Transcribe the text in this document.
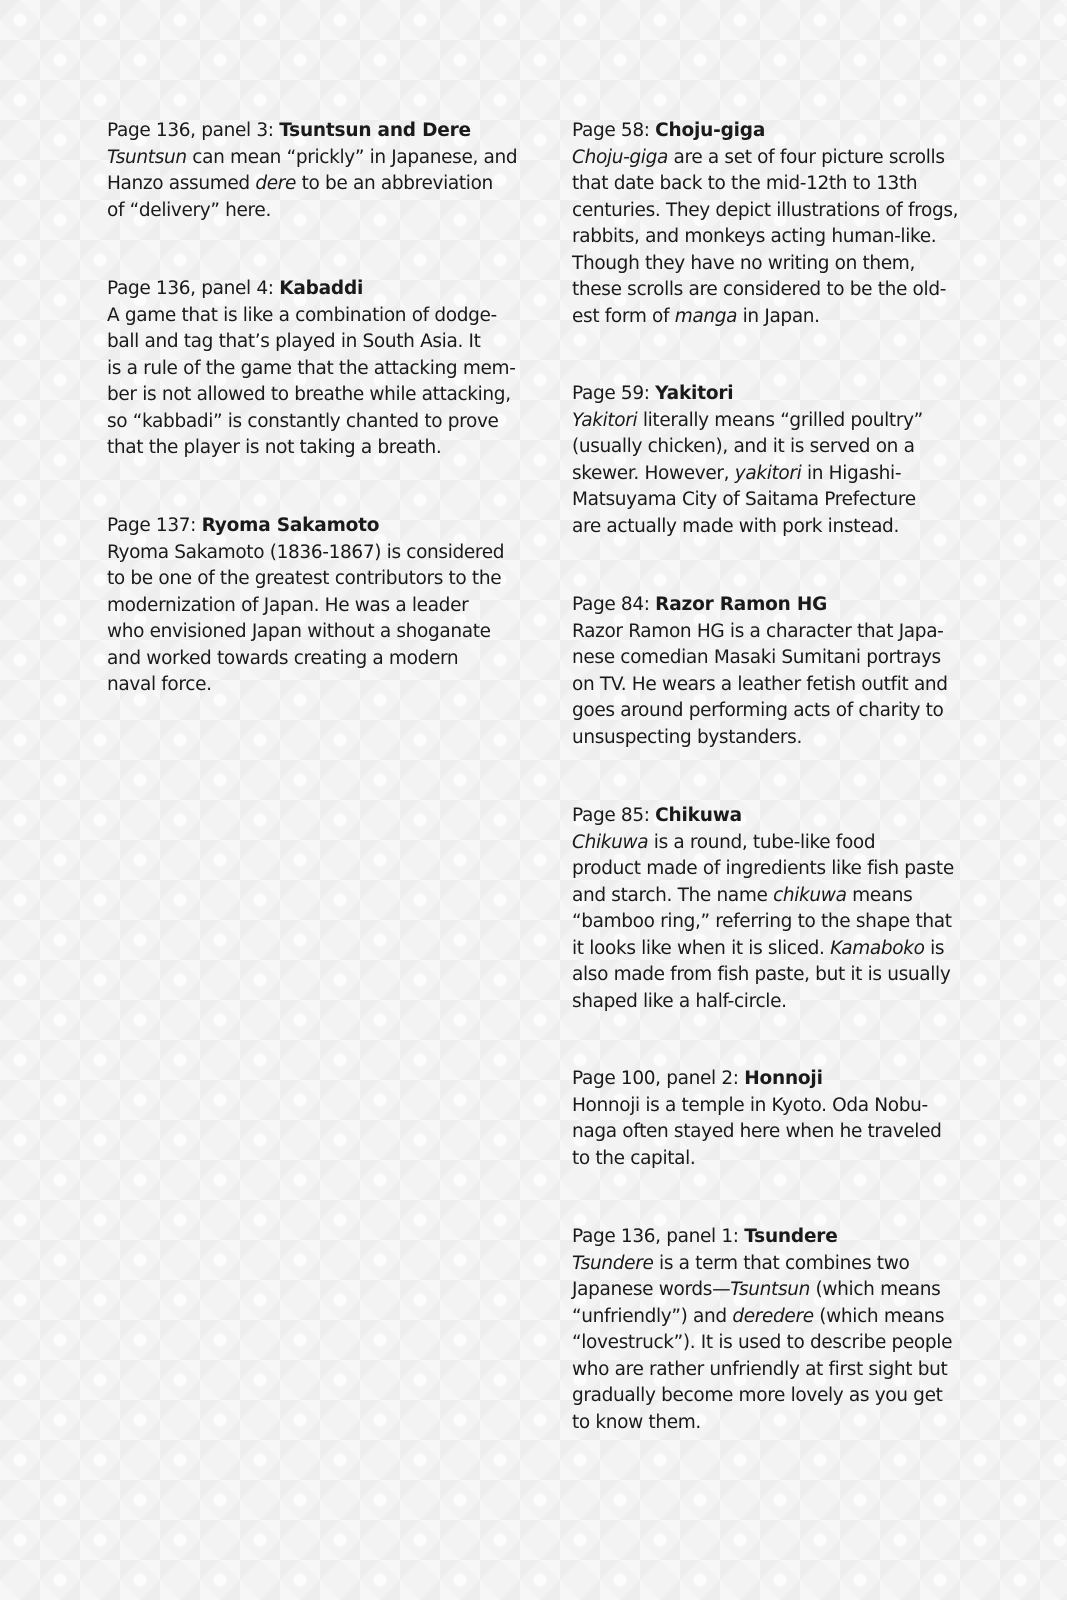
Page 136, panel 3: Tsuntsun and Dere
Tsuntsun can mean “prickly” in Japanese, and
Hanzo assumed dere to be an abbreviation
of “delivery” here.
Page 136, panel 4: Kabaddi
A game that is like a combination of dodge-
ball and tag that’s played in South Asia. It
is a rule of the game that the attacking mem-
ber is not allowed to breathe while attacking,
so “kabbadi” is constantly chanted to prove
that the player is not taking a breath.
Page 137: Ryoma Sakamoto
Ryoma Sakamoto (1836-1867) is considered
to be one of the greatest contributors to the
modernization of Japan. He was a leader
who envisioned Japan without a shoganate
and worked towards creating a modern
naval force.
Page 58: Choju-giga
Choju-giga are a set of four picture scrolls
that date back to the mid-12th to 13th
centuries. They depict illustrations of frogs,
rabbits, and monkeys acting human-like.
Though they have no writing on them,
these scrolls are considered to be the old-
est form of manga in Japan.
Page 59: Yakitori
Yakitori literally means “grilled poultry”
(usually chicken), and it is served on a
skewer. However, yakitori in Higashi-
Matsuyama City of Saitama Prefecture
are actually made with pork instead.
Page 84: Razor Ramon HG
Razor Ramon HG is a character that Japa-
nese comedian Masaki Sumitani portrays
on TV. He wears a leather fetish outfit and
goes around performing acts of charity to
unsuspecting bystanders.
Page 85: Chikuwa
Chikuwa is a round, tube-like food
product made of ingredients like fish paste
and starch. The name chikuwa means
“bamboo ring,” referring to the shape that
it looks like when it is sliced. Kamaboko is
also made from fish paste, but it is usually
shaped like a half-circle.
Page 100, panel 2: Honnoji
Honnoji is a temple in Kyoto. Oda Nobu-
naga often stayed here when he traveled
to the capital.
Page 136, panel 1: Tsundere
Tsundere is a term that combines two
Japanese words—Tsuntsun (which means
“unfriendly”) and deredere (which means
“lovestruck”). It is used to describe people
who are rather unfriendly at first sight but
gradually become more lovely as you get
to know them.
